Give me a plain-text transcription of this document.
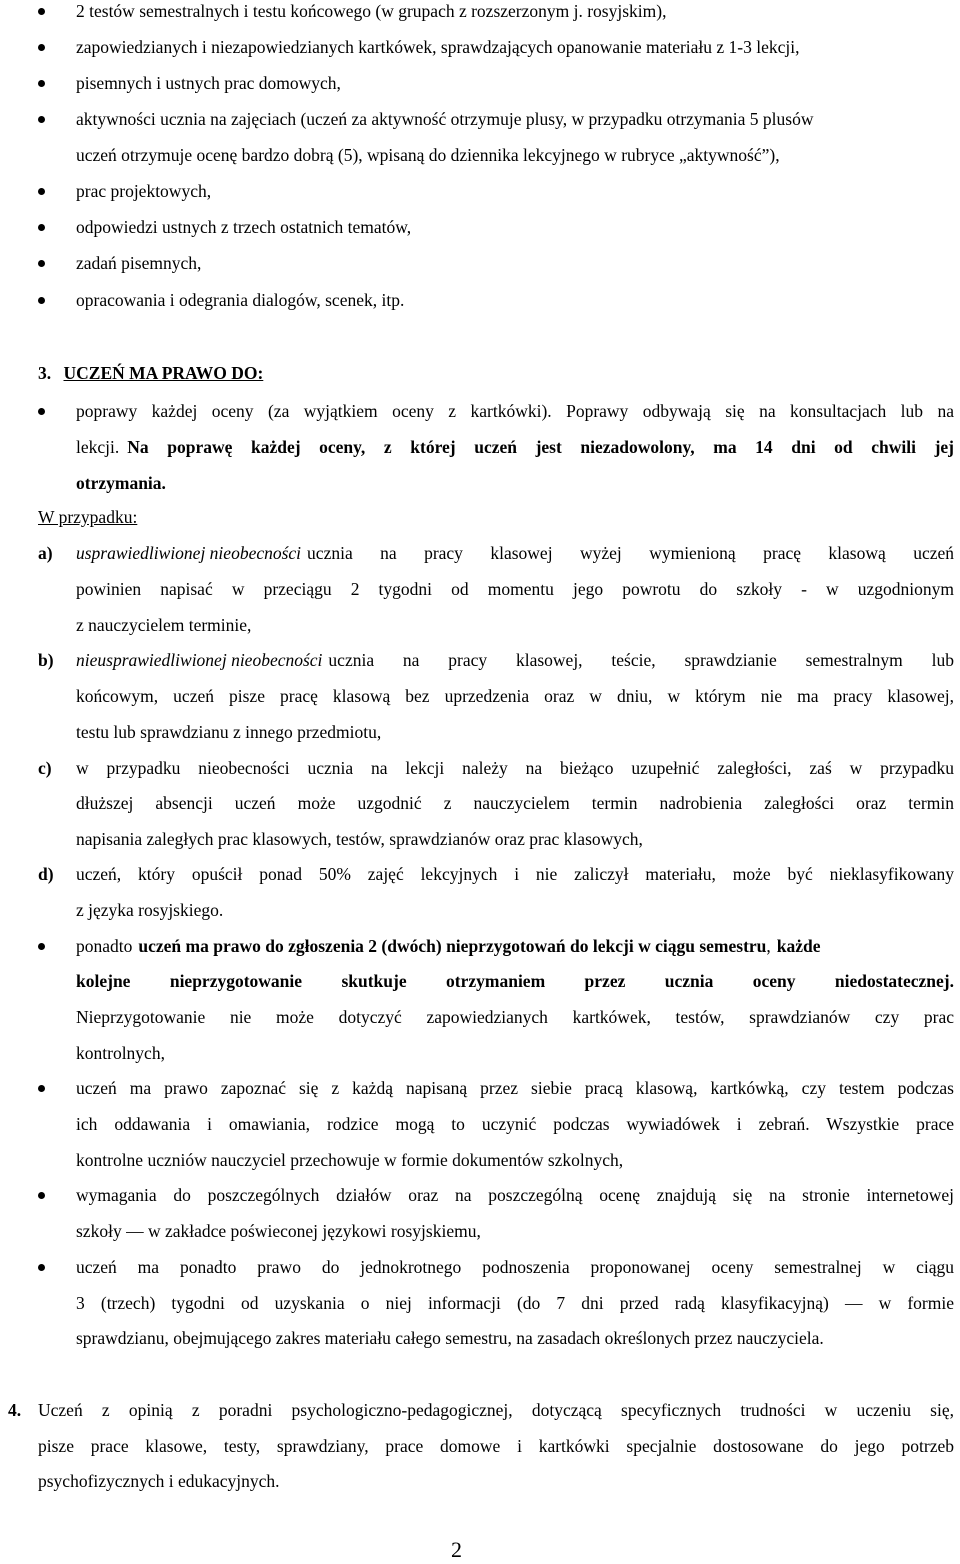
2 testów semestralnych i testu końcowego (w grupach z rozszerzonym j. rosyjskim),
zapowiedzianych i niezapowiedzianych kartkówek, sprawdzających opanowanie materiału z 1-3 lekcji,
pisemnych i ustnych prac domowych,
aktywności ucznia na zajęciach (uczeń za aktywność otrzymuje plusy, w przypadku otrzymania 5 plusów
uczeń otrzymuje ocenę bardzo dobrą (5), wpisaną do dziennika lekcyjnego w rubryce „aktywność”),
prac projektowych,
odpowiedzi ustnych z trzech ostatnich tematów,
zadań pisemnych,
opracowania i odegrania dialogów, scenek, itp.
3. UCZEŃ MA PRAWO DO:
poprawy każdej oceny (za wyjątkiem oceny z kartkówki). Poprawy odbywają się na konsultacjach lub na
lekcji. Na poprawę każdej oceny, z której uczeń jest niezadowolony, ma 14 dni od chwili jej
otrzymania.
W przypadku:
a) usprawiedliwionej nieobecności ucznia na pracy klasowej wyżej wymienioną pracę klasową uczeń
powinien napisać w przeciągu 2 tygodni od momentu jego powrotu do szkoły - w uzgodnionym
z nauczycielem terminie,
b) nieusprawiedliwionej nieobecności ucznia na pracy klasowej, teście, sprawdzianie semestralnym lub
końcowym, uczeń pisze pracę klasową bez uprzedzenia oraz w dniu, w którym nie ma pracy klasowej,
testu lub sprawdzianu z innego przedmiotu,
c) w przypadku nieobecności ucznia na lekcji należy na bieżąco uzupełnić zaległości, zaś w przypadku
dłuższej absencji uczeń może uzgodnić z nauczycielem termin nadrobienia zaległości oraz termin
napisania zaległych prac klasowych, testów, sprawdzianów oraz prac klasowych,
d) uczeń, który opuścił ponad 50% zajęć lekcyjnych i nie zaliczył materiału, może być nieklasyfikowany
z języka rosyjskiego.
ponadto uczeń ma prawo do zgłoszenia 2 (dwóch) nieprzygotowań do lekcji w ciągu semestru , każde
kolejne nieprzygotowanie skutkuje otrzymaniem przez ucznia oceny niedostatecznej.
Nieprzygotowanie nie może dotyczyć zapowiedzianych kartkówek, testów, sprawdzianów czy prac
kontrolnych,
uczeń ma prawo zapoznać się z każdą napisaną przez siebie pracą klasową, kartkówką, czy testem podczas
ich oddawania i omawiania, rodzice mogą to uczynić podczas wywiadówek i zebrań. Wszystkie prace
kontrolne uczniów nauczyciel przechowuje w formie dokumentów szkolnych,
wymagania do poszczególnych działów oraz na poszczególną ocenę znajdują się na stronie internetowej
szkoły — w zakładce poświeconej językowi rosyjskiemu,
uczeń ma ponadto prawo do jednokrotnego podnoszenia proponowanej oceny semestralnej w ciągu
3 (trzech) tygodni od uzyskania o niej informacji (do 7 dni przed radą klasyfikacyjną) — w formie
sprawdzianu, obejmującego zakres materiału całego semestru, na zasadach określonych przez nauczyciela.
4. Uczeń z opinią z poradni psychologiczno-pedagogicznej, dotyczącą specyficznych trudności w uczeniu się,
pisze prace klasowe, testy, sprawdziany, prace domowe i kartkówki specjalnie dostosowane do jego potrzeb
psychofizycznych i edukacyjnych.
2
